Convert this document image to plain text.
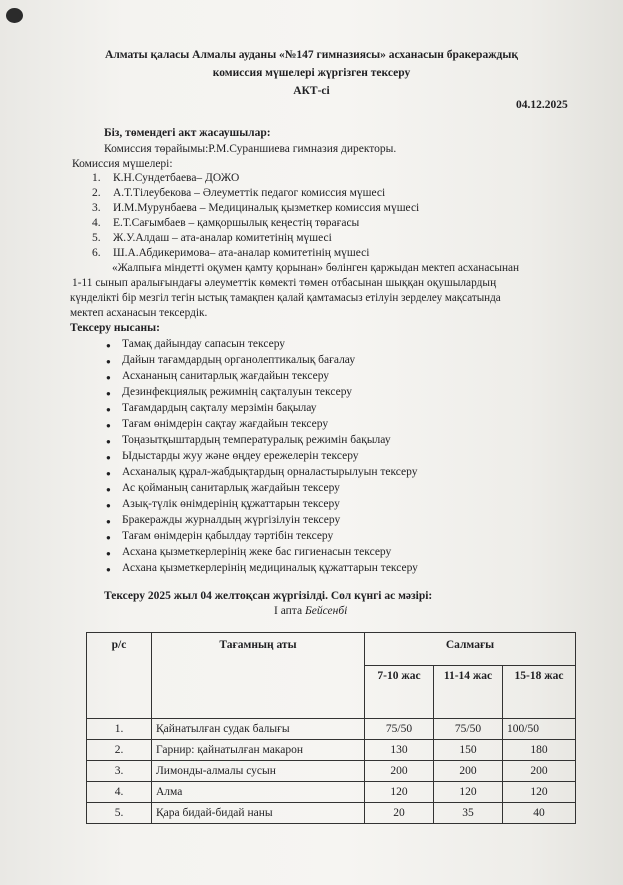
Алматы қаласы Алмалы ауданы «№147 гимназиясы» асханасын бракераждық
комиссия мүшелері жүргізген тексеру
АКТ-сі
04.12.2025
Біз, төмендегі акт жасаушылар:
Комиссия төрайымы:Р.М.Сураншиева гимназия директоры.
Комиссия мүшелері:
1. К.Н.Сундетбаева– ДОЖО
2. А.Т.Тілеубекова – Әлеуметтік педагог комиссия мүшесі
3. И.М.Мурунбаева – Медициналық қызметкер комиссия мүшесі
4. Е.Т.Сағымбаев – қамқоршылық кеңестің төрағасы
5. Ж.У.Алдаш – ата-аналар комитетінің мүшесі
6. Ш.А.Абдикеримова– ата-аналар комитетінің мүшесі
«Жалпыға міндетті оқумен қамту қорынан» бөлінген қаржыдан мектеп асханасынан
1-11 сынып аралығындағы әлеуметтік көмекті төмен отбасынан шыққан оқушылардың
күнделікті бір мезгіл тегін ыстық тамақпен қалай қамтамасыз етілуін зерделеу мақсатында
мектеп асханасын тексердік.
Тексеру нысаны:
● Тамақ дайындау сапасын тексеру
● Дайын тағамдардың органолептикалық бағалау
● Асхананың санитарлық жағдайын тексеру
● Дезинфекциялық режимнің сақталуын тексеру
● Тағамдардың сақталу мерзімін бақылау
● Тағам өнімдерін сақтау жағдайын тексеру
● Тоңазытқыштардың температуралық режимін бақылау
● Ыдыстарды жуу және өңдеу ережелерін тексеру
● Асханалық құрал-жабдықтардың орналастырылуын тексеру
● Ас қойманың санитарлық жағдайын тексеру
● Азық-түлік өнімдерінің құжаттарын тексеру
● Бракеражды журналдың жүргізілуін тексеру
● Тағам өнімдерін қабылдау тәртібін тексеру
● Асхана қызметкерлерінің жеке бас гигиенасын тексеру
● Асхана қызметкерлерінің медициналық құжаттарын тексеру
Тексеру 2025 жыл 04 желтоқсан жүргізілді. Сол күнгі ас мәзірі:
I апта Бейсенбі
р/с	Тағамның аты	Салмағы		
		7-10 жас	11-14 жас	15-18 жас
1.	Қайнатылған судак балығы	75/50	75/50	100/50
2.	Гарнир: қайнатылған макарон	130	150	180
3.	Лимонды-алмалы сусын	200	200	200
4.	Алма	120	120	120
5.	Қара бидай-бидай наны	20	35	40
